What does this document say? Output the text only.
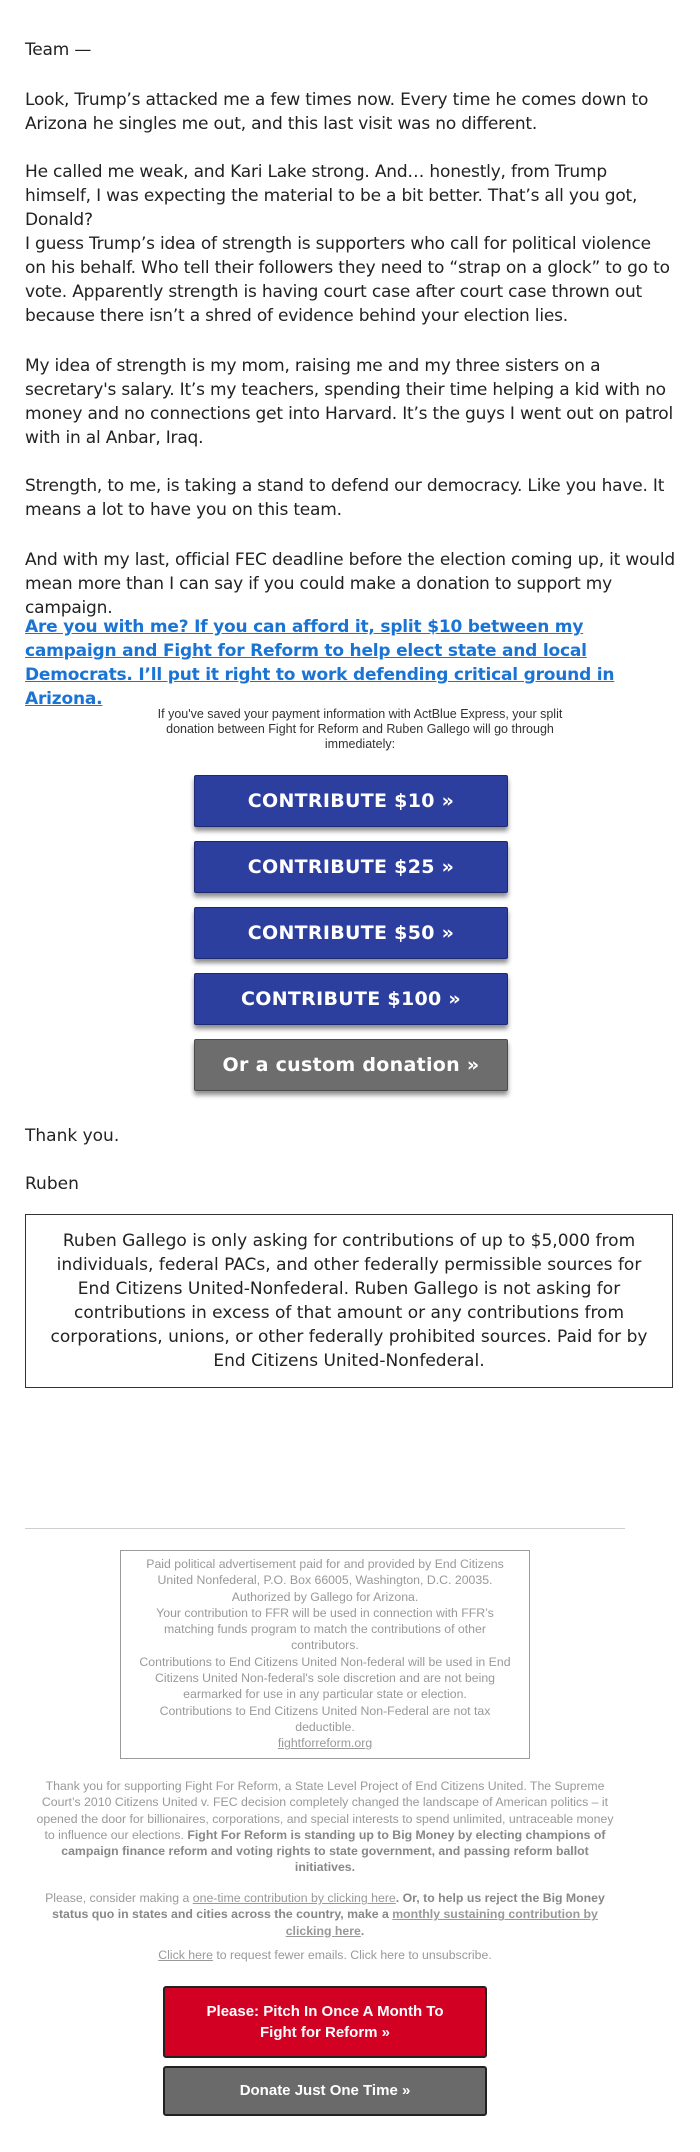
Team —

Look, Trump’s attacked me a few times now. Every time he comes down to Arizona he singles me out, and this last visit was no different.

He called me weak, and Kari Lake strong. And… honestly, from Trump himself, I was expecting the material to be a bit better. That’s all you got, Donald?

I guess Trump’s idea of strength is supporters who call for political violence on his behalf. Who tell their followers they need to “strap on a glock” to go to vote. Apparently strength is having court case after court case thrown out because there isn’t a shred of evidence behind your election lies.

My idea of strength is my mom, raising me and my three sisters on a secretary's salary. It’s my teachers, spending their time helping a kid with no money and no connections get into Harvard. It’s the guys I went out on patrol with in al Anbar, Iraq.

Strength, to me, is taking a stand to defend our democracy. Like you have. It means a lot to have you on this team.

And with my last, official FEC deadline before the election coming up, it would mean more than I can say if you could make a donation to support my campaign.

Are you with me? If you can afford it, split $10 between my campaign and Fight for Reform to help elect state and local Democrats. I’ll put it right to work defending critical ground in Arizona.
If you've saved your payment information with ActBlue Express, your split donation between Fight for Reform and Ruben Gallego will go through immediately:
CONTRIBUTE $10 »
CONTRIBUTE $25 »
CONTRIBUTE $50 »
CONTRIBUTE $100 »
Or a custom donation »

Thank you.

Ruben

Ruben Gallego is only asking for contributions of up to $5,000 from individuals, federal PACs, and other federally permissible sources for End Citizens United-Nonfederal. Ruben Gallego is not asking for contributions in excess of that amount or any contributions from corporations, unions, or other federally prohibited sources. Paid for by End Citizens United-Nonfederal.
Paid political advertisement paid for and provided by End Citizens United Nonfederal, P.O. Box 66005, Washington, D.C. 20035. Authorized by Gallego for Arizona.
Your contribution to FFR will be used in connection with FFR’s matching funds program to match the contributions of other contributors.
Contributions to End Citizens United Non-federal will be used in End Citizens United Non-federal's sole discretion and are not being earmarked for use in any particular state or election.
Contributions to End Citizens United Non-Federal are not tax deductible.
fightforreform.org
Thank you for supporting Fight For Reform, a State Level Project of End Citizens United. The Supreme Court’s 2010 Citizens United v. FEC decision completely changed the landscape of American politics – it opened the door for billionaires, corporations, and special interests to spend unlimited, untraceable money to influence our elections. Fight For Reform is standing up to Big Money by electing champions of campaign finance reform and voting rights to state government, and passing reform ballot initiatives.
Please, consider making a one-time contribution by clicking here. Or, to help us reject the Big Money status quo in states and cities across the country, make a monthly sustaining contribution by clicking here.
Click here to request fewer emails. Click here to unsubscribe.
Please: Pitch In Once A Month To Fight for Reform »
Donate Just One Time »
